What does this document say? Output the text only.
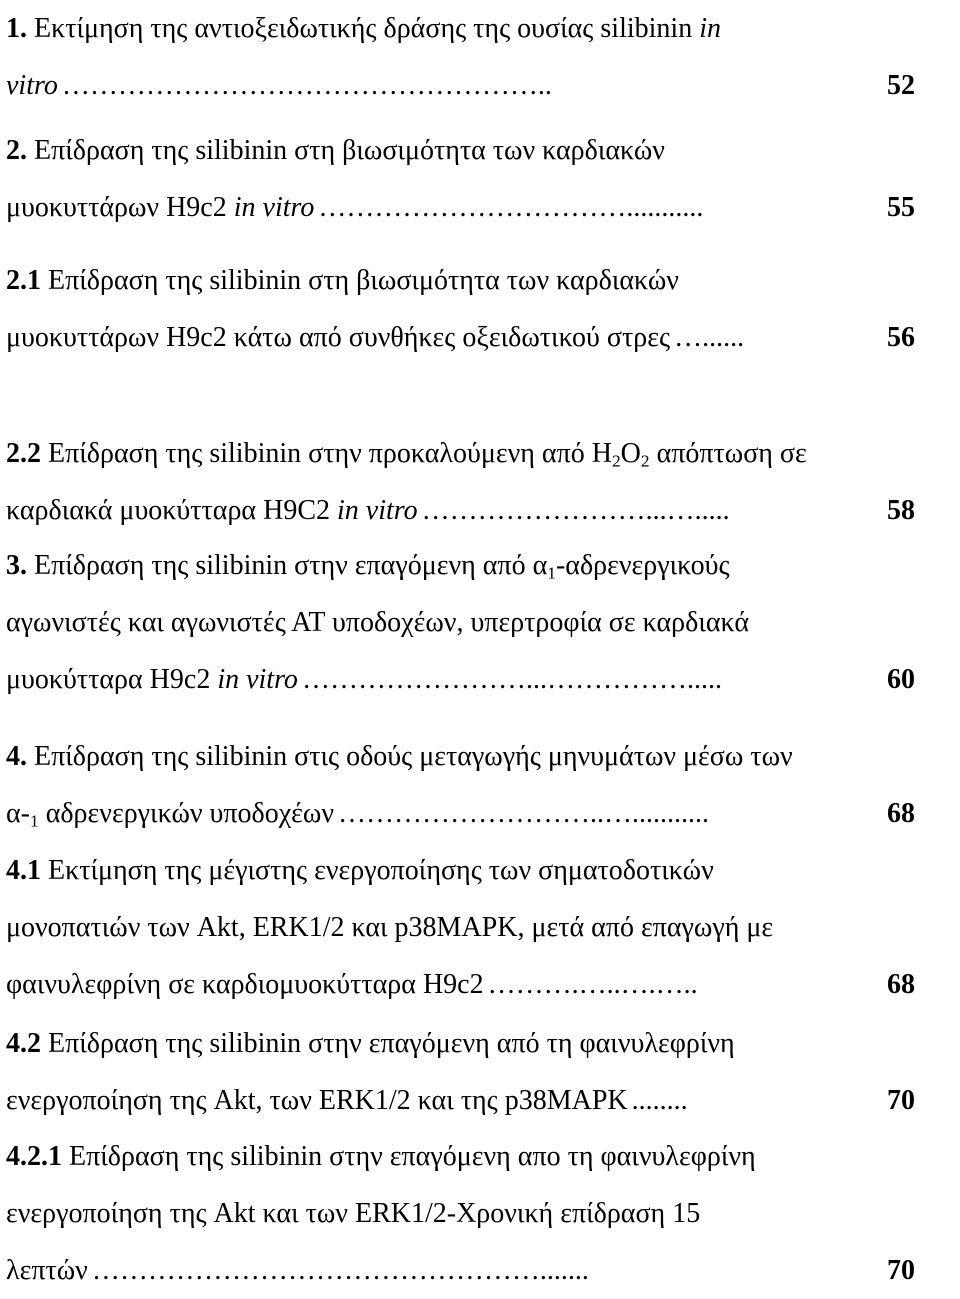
1. Εκτίμηση της αντιοξειδωτικής δράσης της ουσίας silibinin in
vitro ……………………………………………..	52
2. Επίδραση της silibinin στη βιωσιμότητα των καρδιακών
μυοκυττάρων H9c2 in vitro ……………………………...........	55
2.1 Επίδραση της silibinin στη βιωσιμότητα των καρδιακών
μυοκυττάρων H9c2 κάτω από συνθήκες οξειδωτικού στρες …......	56
2.2 Επίδραση της silibinin στην προκαλούμενη από $H_2O_2$ απόπτωση σε
καρδιακά μυοκύτταρα Η9C2 in vitro ……………………...….....	58
3. Επίδραση της silibinin στην επαγόμενη από $\alpha_1$-αδρενεργικούς
αγωνιστές και αγωνιστές ΑΤ υποδοχέων, υπερτροφία σε καρδιακά
μυοκύτταρα H9c2 in vitro ……………………...…………….....	60
4. Επίδραση της silibinin στις οδούς μεταγωγής μηνυμάτων μέσω των
$\alpha-_1$ αδρενεργικών υποδοχέων ………………………..…...........	68
4.1 Εκτίμηση της μέγιστης ενεργοποίησης των σηματοδοτικών
μονοπατιών των Akt, ERK1/2 και p38MAPK, μετά από επαγωγή με
φαινυλεφρίνη σε καρδιομυοκύτταρα H9c2 ……….…..….…..	68
4.2 Επίδραση της silibinin στην επαγόμενη από τη φαινυλεφρίνη
ενεργοποίηση της Akt, των ERK1/2 και της p38MAPK ........	70
4.2.1 Επίδραση της silibinin στην επαγόμενη απο τη φαινυλεφρίνη
ενεργοποίηση της Akt και των ERK1/2-Χρονική επίδραση 15
λεπτών ………………………………………….......	70
